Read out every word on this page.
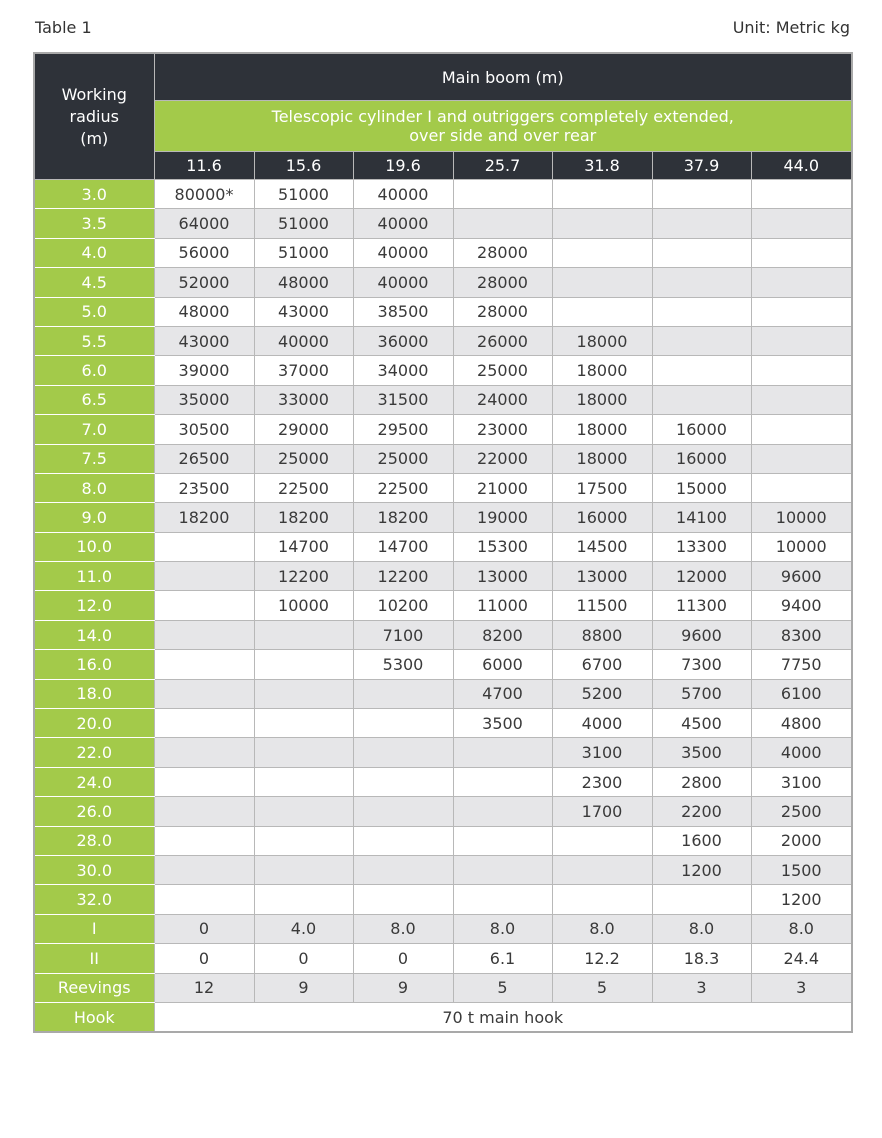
Table 1	Unit: Metric kg
Working
radius
(m)	Main boom (m)						

	Telescopic cylinder I and outriggers completely extended,
over side and over rear						

	11.6	15.6	19.6	25.7	31.8	37.9	44.0
3.0	80000*	51000	40000				
3.5	64000	51000	40000				
4.0	56000	51000	40000	28000			
4.5	52000	48000	40000	28000			
5.0	48000	43000	38500	28000			
5.5	43000	40000	36000	26000	18000		
6.0	39000	37000	34000	25000	18000		
6.5	35000	33000	31500	24000	18000		
7.0	30500	29000	29500	23000	18000	16000	
7.5	26500	25000	25000	22000	18000	16000	
8.0	23500	22500	22500	21000	17500	15000	
9.0	18200	18200	18200	19000	16000	14100	10000
10.0		14700	14700	15300	14500	13300	10000
11.0		12200	12200	13000	13000	12000	9600
12.0		10000	10200	11000	11500	11300	9400
14.0			7100	8200	8800	9600	8300
16.0			5300	6000	6700	7300	7750
18.0				4700	5200	5700	6100
20.0				3500	4000	4500	4800
22.0					3100	3500	4000
24.0					2300	2800	3100
26.0					1700	2200	2500
28.0						1600	2000
30.0						1200	1500
32.0							1200
I	0	4.0	8.0	8.0	8.0	8.0	8.0
II	0	0	0	6.1	12.2	18.3	24.4
Reevings	12	9	9	5	5	3	3
Hook	70 t main hook						
